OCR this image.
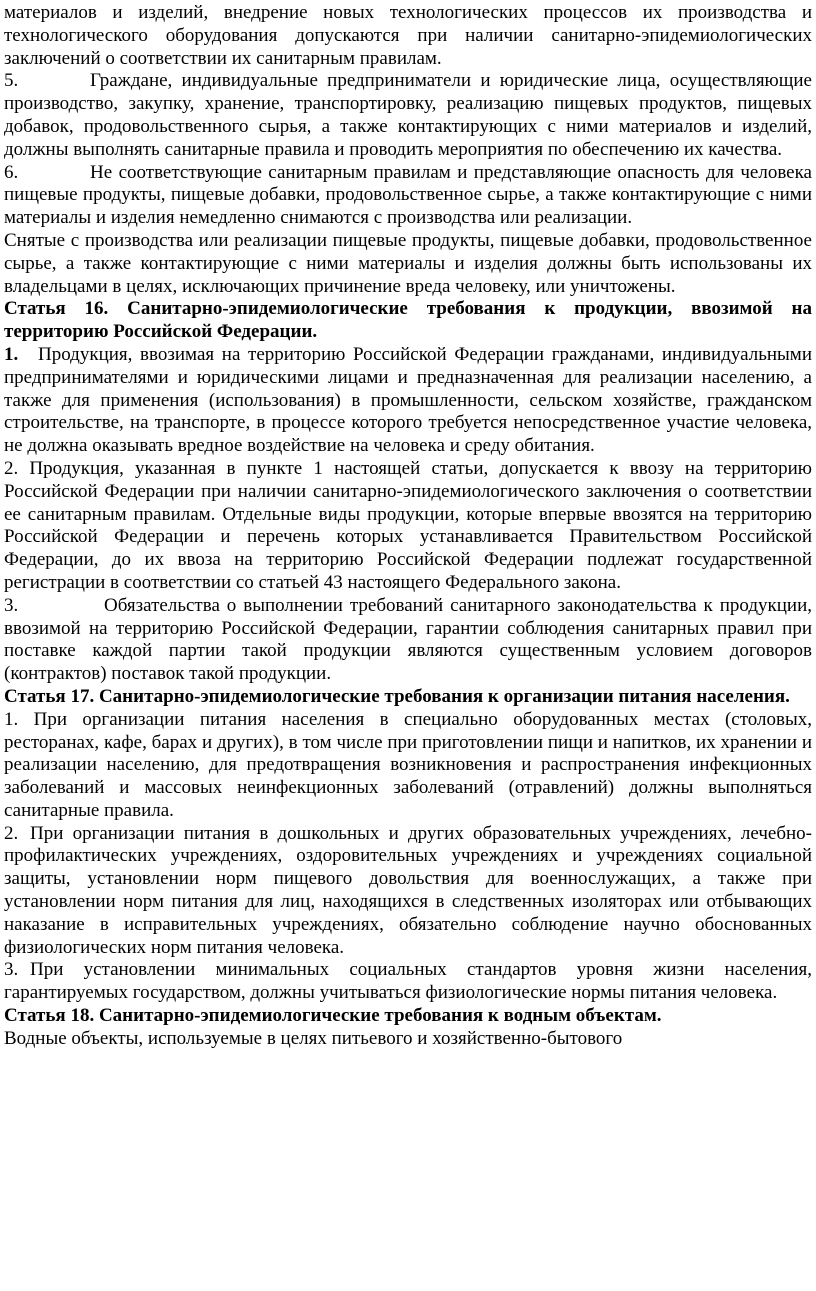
материалов и изделий, внедрение новых технологических процессов их производства и технологического оборудования допускаются при наличии санитарно-эпидемиологических заключений о соответствии их санитарным правилам.

5.	Граждане, индивидуальные предприниматели и юридические лица, осуществляющие производство, закупку, хранение, транспортировку, реализацию пищевых продуктов, пищевых добавок, продовольственного сырья, а также контактирующих с ними материалов и изделий, должны выполнять санитарные правила и проводить мероприятия по обеспечению их качества.

6.	Не соответствующие санитарным правилам и представляющие опасность для человека пищевые продукты, пищевые добавки, продовольственное сырье, а также контактирующие с ними материалы и изделия немедленно снимаются с производства или реализации.

Снятые с производства или реализации пищевые продукты, пищевые добавки, продовольственное сырье, а также контактирующие с ними материалы и изделия должны быть использованы их владельцами в целях, исключающих причинение вреда человеку, или уничтожены.

Статья 16. Санитарно-эпидемиологические требования к продукции, ввозимой на территорию Российской Федерации.

1. Продукция, ввозимая на территорию Российской Федерации гражданами, индивидуальными предпринимателями и юридическими лицами и предназначенная для реализации населению, а также для применения (использования) в промышленности, сельском хозяйстве, гражданском строительстве, на транспорте, в процессе которого требуется непосредственное участие человека, не должна оказывать вредное воздействие на человека и среду обитания.

2. Продукция, указанная в пункте 1 настоящей статьи, допускается к ввозу на территорию Российской Федерации при наличии санитарно-эпидемиологического заключения о соответствии ее санитарным правилам. Отдельные виды продукции, которые впервые ввозятся на территорию Российской Федерации и перечень которых устанавливается Правительством Российской Федерации, до их ввоза на территорию Российской Федерации подлежат государственной регистрации в соответствии со статьей 43 настоящего Федерального закона.

3.	Обязательства о выполнении требований санитарного законодательства к продукции, ввозимой на территорию Российской Федерации, гарантии соблюдения санитарных правил при поставке каждой партии такой продукции являются существенным условием договоров (контрактов) поставок такой продукции.

Статья 17. Санитарно-эпидемиологические требования к организации питания населения.

1. При организации питания населения в специально оборудованных местах (столовых, ресторанах, кафе, барах и других), в том числе при приготовлении пищи и напитков, их хранении и реализации населению, для предотвращения возникновения и распространения инфекционных заболеваний и массовых неинфекционных заболеваний (отравлений) должны выполняться санитарные правила.

2. При организации питания в дошкольных и других образовательных учреждениях, лечебно-профилактических учреждениях, оздоровительных учреждениях и учреждениях социальной защиты, установлении норм пищевого довольствия для военнослужащих, а также при установлении норм питания для лиц, находящихся в следственных изоляторах или отбывающих наказание в исправительных учреждениях, обязательно соблюдение научно обоснованных физиологических норм питания человека.

3. При установлении минимальных социальных стандартов уровня жизни населения, гарантируемых государством, должны учитываться физиологические нормы питания человека.

Статья 18. Санитарно-эпидемиологические требования к водным объектам.

Водные объекты, используемые в целях питьевого и хозяйственно-бытового
